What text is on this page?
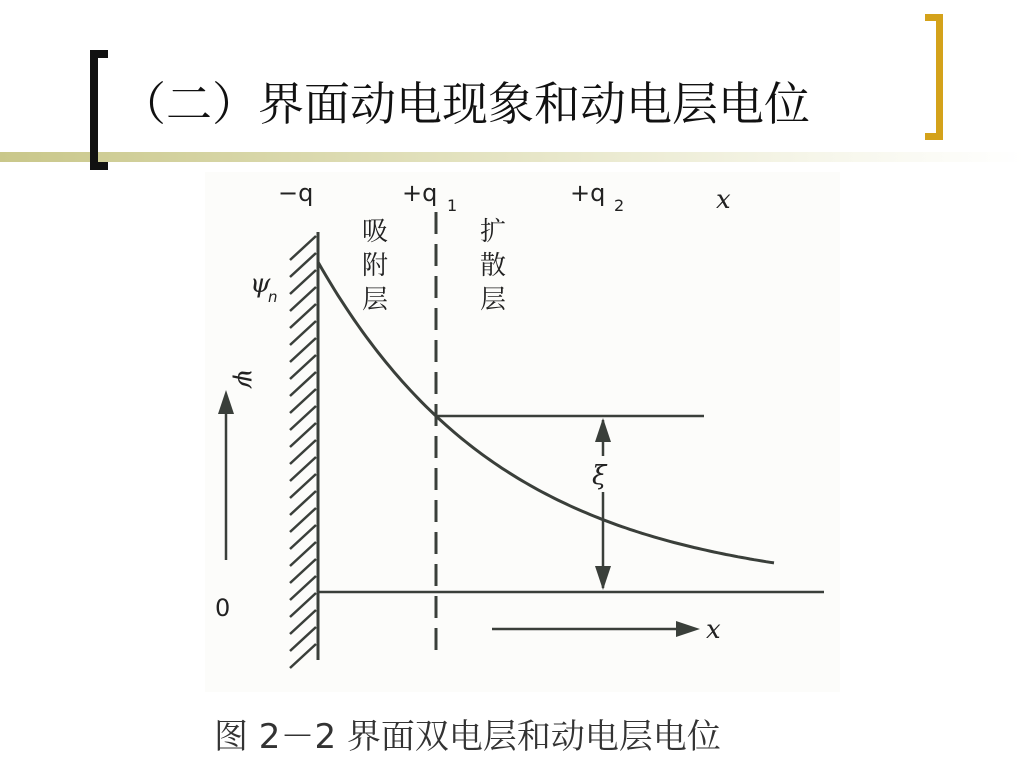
（二）界面动电现象和动电层电位
−q	+q 1	+q 2	x
吸
附
层
扩
散
层
ξ
ψ
n
ψ
0
x
图 2－2 界面双电层和动电层电位
